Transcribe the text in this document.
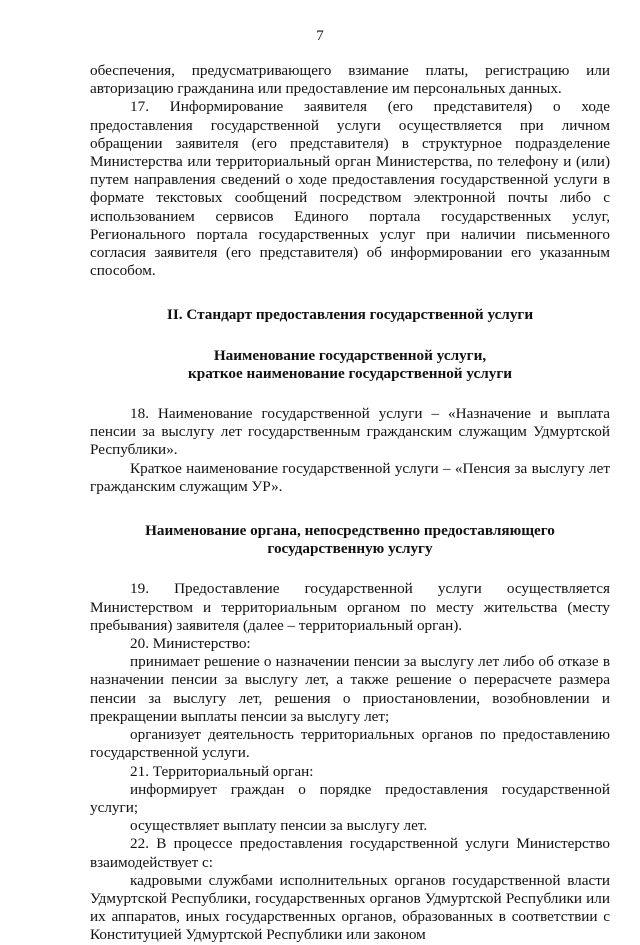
7

обеспечения, предусматривающего взимание платы, регистрацию или авторизацию гражданина или предоставление им персональных данных.

17. Информирование заявителя (его представителя) о ходе предоставления государственной услуги осуществляется при личном обращении заявителя (его представителя) в структурное подразделение Министерства или территориальный орган Министерства, по телефону и (или) путем направления сведений о ходе предоставления государственной услуги в формате текстовых сообщений посредством электронной почты либо с использованием сервисов Единого портала государственных услуг, Регионального портала государственных услуг при наличии письменного согласия заявителя (его представителя) об информировании его указанным способом.

II. Стандарт предоставления государственной услуги
Наименование государственной услуги,
краткое наименование государственной услуги

18. Наименование государственной услуги – «Назначение и выплата пенсии за выслугу лет государственным гражданским служащим Удмуртской Республики».

Краткое наименование государственной услуги – «Пенсия за выслугу лет гражданским служащим УР».

Наименование органа, непосредственно предоставляющего
государственную услугу

19. Предоставление государственной услуги осуществляется Министерством и территориальным органом по месту жительства (месту пребывания) заявителя (далее – территориальный орган).

20. Министерство:

принимает решение о назначении пенсии за выслугу лет либо об отказе в назначении пенсии за выслугу лет, а также решение о перерасчете размера пенсии за выслугу лет, решения о приостановлении, возобновлении и прекращении выплаты пенсии за выслугу лет;

организует деятельность территориальных органов по предоставлению государственной услуги.

21. Территориальный орган:

информирует граждан о порядке предоставления государственной услуги;

осуществляет выплату пенсии за выслугу лет.

22. В процессе предоставления государственной услуги Министерство взаимодействует с:

кадровыми службами исполнительных органов государственной власти Удмуртской Республики, государственных органов Удмуртской Республики или их аппаратов, иных государственных органов, образованных в соответствии с Конституцией Удмуртской Республики или законом
